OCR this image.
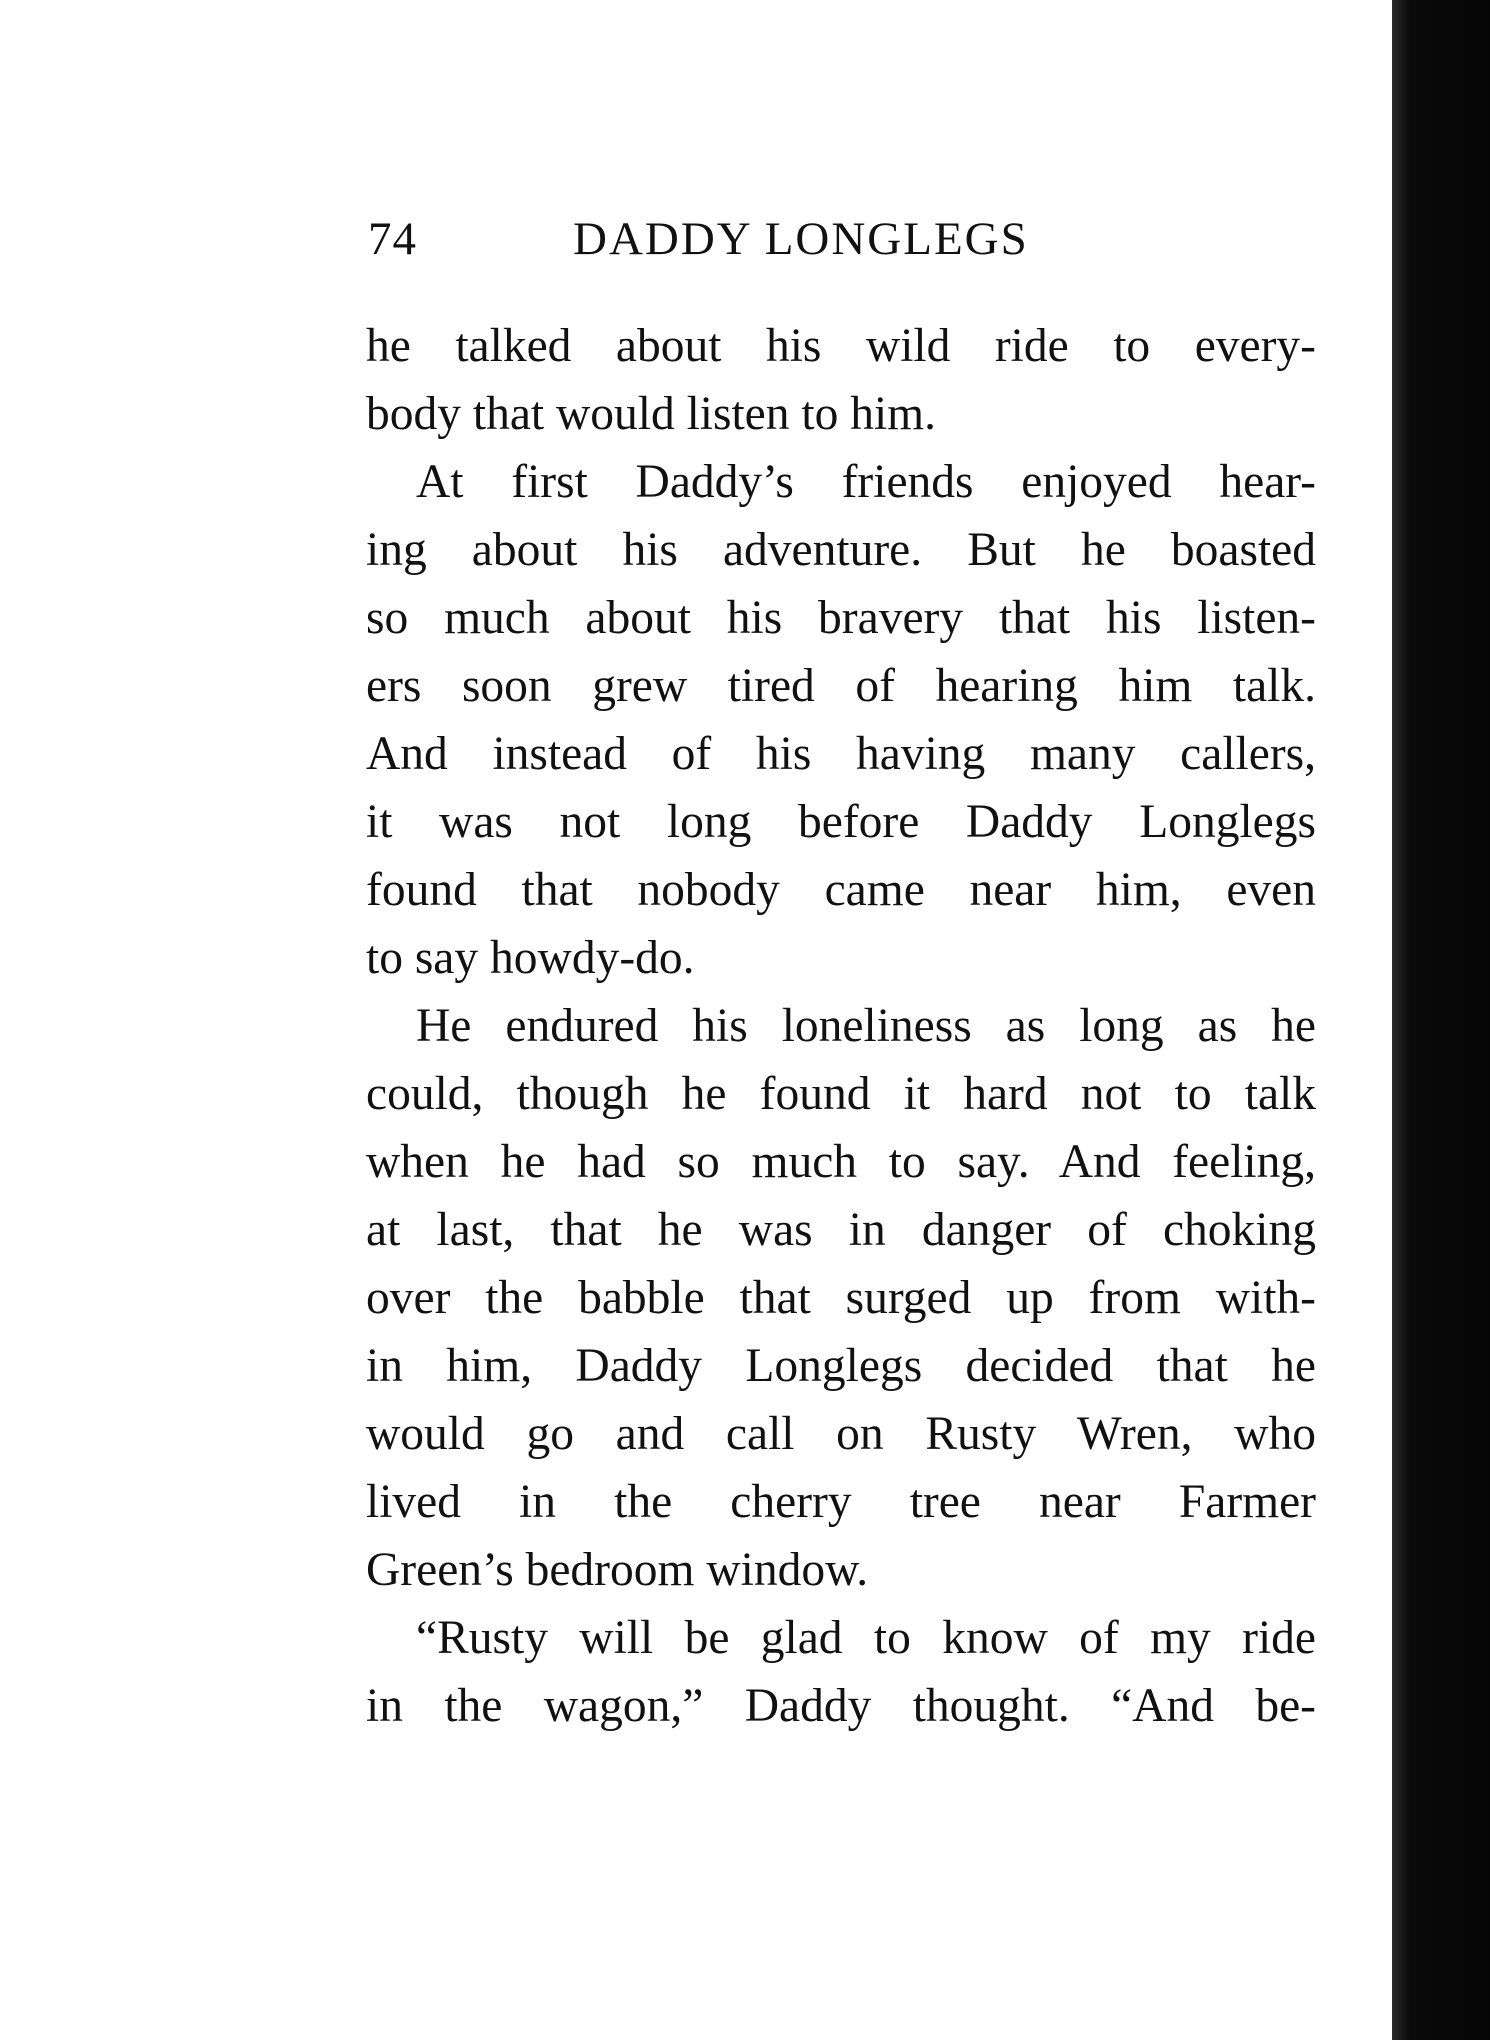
74	DADDY LONGLEGS
he talked about his wild ride to every-
body that would listen to him.
At first Daddy’s friends enjoyed hear-
ing about his adventure. But he boasted
so much about his bravery that his listen-
ers soon grew tired of hearing him talk.
And instead of his having many callers,
it was not long before Daddy Longlegs
found that nobody came near him, even
to say howdy-do.
He endured his loneliness as long as he
could, though he found it hard not to talk
when he had so much to say. And feeling,
at last, that he was in danger of choking
over the babble that surged up from with-
in him, Daddy Longlegs decided that he
would go and call on Rusty Wren, who
lived in the cherry tree near Farmer
Green’s bedroom window.
“Rusty will be glad to know of my ride
in the wagon,” Daddy thought. “And be-
